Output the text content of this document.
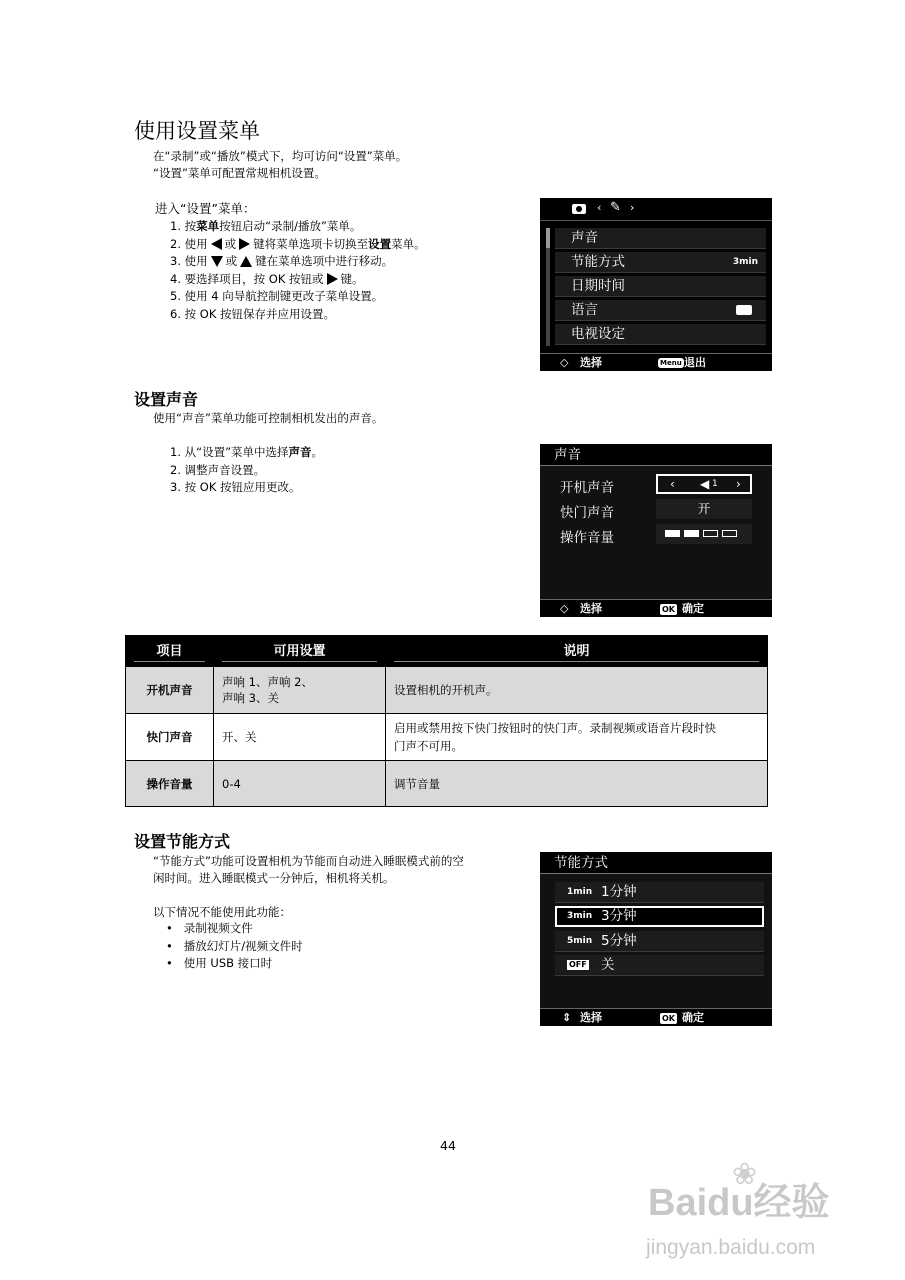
使用设置菜单
在“录制”或“播放”模式下，均可访问“设置”菜单。
“设置”菜单可配置常规相机设置。
进入“设置”菜单：
1. 按菜单按钮启动“录制/播放”菜单。
2. 使用 或 键将菜单选项卡切换至设置菜单。
3. 使用 或 键在菜单选项中进行移动。
4. 要选择项目，按 OK 按钮或 键。
5. 使用 4 向导航控制键更改子菜单设置。
6. 按 OK 按钮保存并应用设置。
‹ ✎ ›
声音
节能方式	3min
日期时间
语言
电视设定
◇ 选择	Menu 退出
设置声音
使用“声音”菜单功能可控制相机发出的声音。
1. 从“设置”菜单中选择声音。
2. 调整声音设置。
3. 按 OK 按钮应用更改。
声音
开机声音	‹ ◀ 1 ›
快门声音	开
操作音量
◇ 选择	OK 确定
项目	可用设置	说明

开机声音	声响 1、声响 2、
声响 3、关	设置相机的开机声。
快门声音	开、关	启用或禁用按下快门按钮时的快门声。录制视频或语音片段时快
门声不可用。

操作音量	0-4	调节音量
设置节能方式
“节能方式”功能可设置相机为节能而自动进入睡眠模式前的空
闲时间。进入睡眠模式一分钟后，相机将关机。
以下情况不能使用此功能：
•   录制视频文件
•   播放幻灯片/视频文件时
•   使用 USB 接口时
节能方式
1min 1分钟
3min 3分钟
5min 5分钟
OFF 关
⇕ 选择	OK 确定
44
❀
Baidu经验
jingyan.baidu.com
